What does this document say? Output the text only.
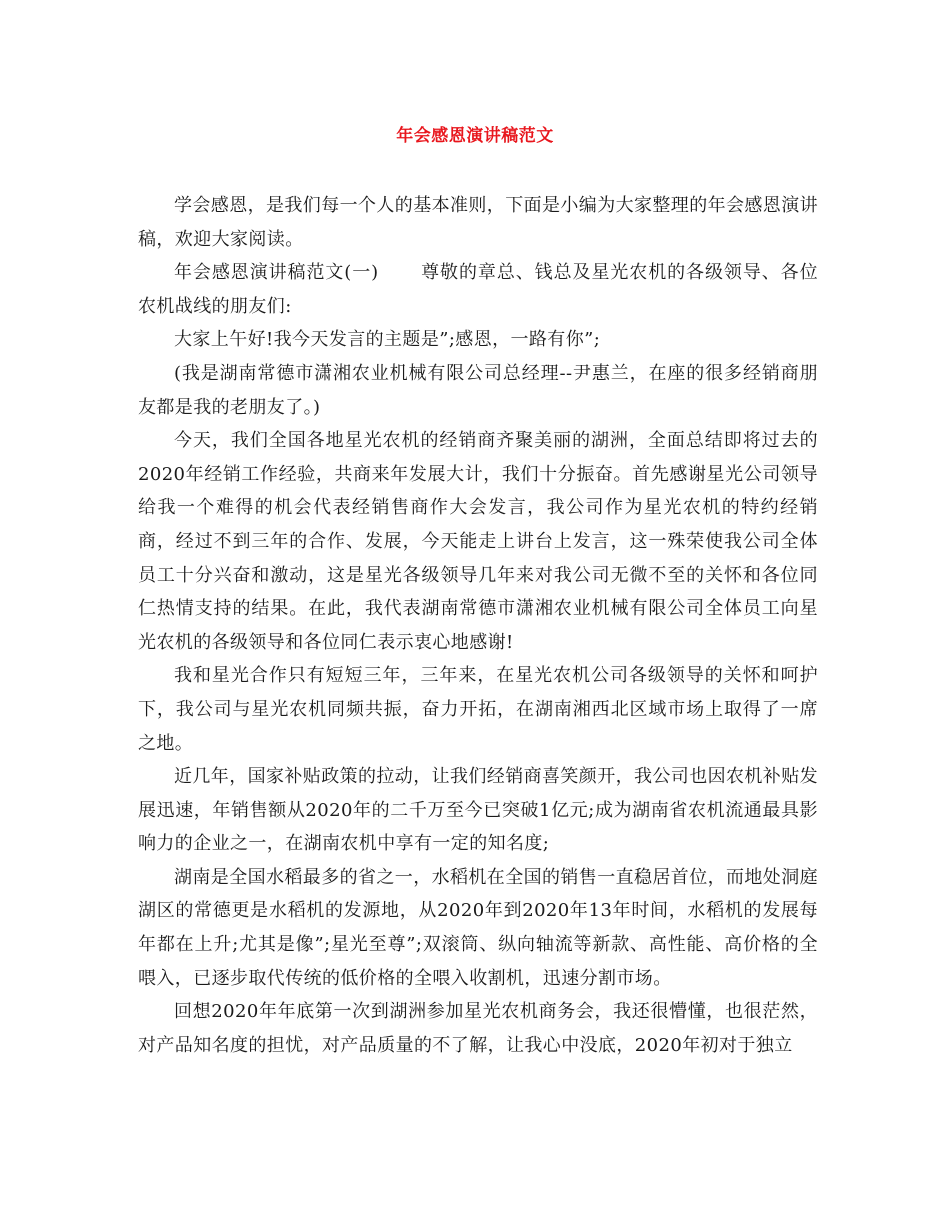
年会感恩演讲稿范文

学会感恩，是我们每一个人的基本准则，下面是小编为大家整理的年会感恩演讲稿，欢迎大家阅读。

年会感恩演讲稿范文(一) 尊敬的章总、钱总及星光农机的各级领导、各位农机战线的朋友们:

大家上午好!我今天发言的主题是”;感恩，一路有你”;

(我是湖南常德市潇湘农业机械有限公司总经理--尹惠兰，在座的很多经销商朋友都是我的老朋友了。)

今天，我们全国各地星光农机的经销商齐聚美丽的湖洲，全面总结即将过去的2020年经销工作经验，共商来年发展大计，我们十分振奋。首先感谢星光公司领导给我一个难得的机会代表经销售商作大会发言，我公司作为星光农机的特约经销商，经过不到三年的合作、发展，今天能走上讲台上发言，这一殊荣使我公司全体员工十分兴奋和激动，这是星光各级领导几年来对我公司无微不至的关怀和各位同仁热情支持的结果。在此，我代表湖南常德市潇湘农业机械有限公司全体员工向星光农机的各级领导和各位同仁表示衷心地感谢!

我和星光合作只有短短三年，三年来，在星光农机公司各级领导的关怀和呵护下，我公司与星光农机同频共振，奋力开拓，在湖南湘西北区域市场上取得了一席之地。

近几年，国家补贴政策的拉动，让我们经销商喜笑颜开，我公司也因农机补贴发展迅速，年销售额从2020年的二千万至今已突破1亿元;成为湖南省农机流通最具影响力的企业之一，在湖南农机中享有一定的知名度;

湖南是全国水稻最多的省之一，水稻机在全国的销售一直稳居首位，而地处洞庭湖区的常德更是水稻机的发源地，从2020年到2020年13年时间，水稻机的发展每年都在上升;尤其是像”;星光至尊”;双滚筒、纵向轴流等新款、高性能、高价格的全喂入，已逐步取代传统的低价格的全喂入收割机，迅速分割市场。

回想2020年年底第一次到湖洲参加星光农机商务会，我还很懵懂，也很茫然，对产品知名度的担忧，对产品质量的不了解，让我心中没底，2020年初对于独立
